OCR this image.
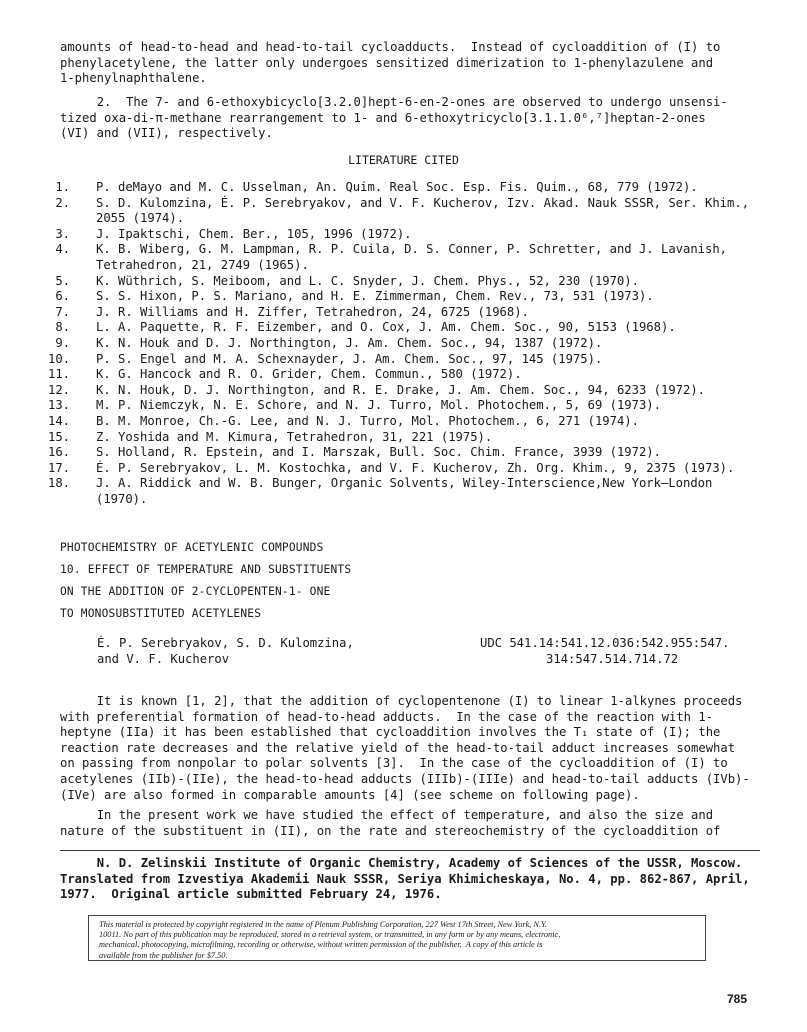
amounts of head-to-head and head-to-tail cycloadducts.  Instead of cycloaddition of (I) to
phenylacetylene, the latter only undergoes sensitized dimerization to 1-phenylazulene and
1-phenylnaphthalene.

2.  The 7- and 6-ethoxybicyclo[3.2.0]hept-6-en-2-ones are observed to undergo unsensi-
tized oxa-di-π-methane rearrangement to 1- and 6-ethoxytricyclo[3.1.1.0⁶,⁷]heptan-2-ones
(VI) and (VII), respectively.

LITERATURE CITED
1. P. deMayo and M. C. Usselman, An. Quim. Real Soc. Esp. Fis. Quim., 68, 779 (1972).
2. S. D. Kulomzina, É. P. Serebryakov, and V. F. Kucherov, Izv. Akad. Nauk SSSR, Ser. Khim.,
2055 (1974).
3. J. Ipaktschi, Chem. Ber., 105, 1996 (1972).
4. K. B. Wiberg, G. M. Lampman, R. P. Cuila, D. S. Conner, P. Schretter, and J. Lavanish,
Tetrahedron, 21, 2749 (1965).
5. K. Wüthrich, S. Meiboom, and L. C. Snyder, J. Chem. Phys., 52, 230 (1970).
6. S. S. Hixon, P. S. Mariano, and H. E. Zimmerman, Chem. Rev., 73, 531 (1973).
7. J. R. Williams and H. Ziffer, Tetrahedron, 24, 6725 (1968).
8. L. A. Paquette, R. F. Eizember, and O. Cox, J. Am. Chem. Soc., 90, 5153 (1968).
9. K. N. Houk and D. J. Northington, J. Am. Chem. Soc., 94, 1387 (1972).
10. P. S. Engel and M. A. Schexnayder, J. Am. Chem. Soc., 97, 145 (1975).
11. K. G. Hancock and R. O. Grider, Chem. Commun., 580 (1972).
12. K. N. Houk, D. J. Northington, and R. E. Drake, J. Am. Chem. Soc., 94, 6233 (1972).
13. M. P. Niemczyk, N. E. Schore, and N. J. Turro, Mol. Photochem., 5, 69 (1973).
14. B. M. Monroe, Ch.-G. Lee, and N. J. Turro, Mol. Photochem., 6, 271 (1974).
15. Z. Yoshida and M. Kimura, Tetrahedron, 31, 221 (1975).
16. S. Holland, R. Epstein, and I. Marszak, Bull. Soc. Chim. France, 3939 (1972).
17. É. P. Serebryakov, L. M. Kostochka, and V. F. Kucherov, Zh. Org. Khim., 9, 2375 (1973).
18. J. A. Riddick and W. B. Bunger, Organic Solvents, Wiley-Interscience,New York—London
(1970).
PHOTOCHEMISTRY OF ACETYLENIC COMPOUNDS
10. EFFECT OF TEMPERATURE AND SUBSTITUENTS
ON THE ADDITION OF 2-CYCLOPENTEN-1- ONE
TO MONOSUBSTITUTED ACETYLENES
É. P. Serebryakov, S. D. Kulomzina,
and V. F. Kucherov
UDC 541.14:541.12.036:542.955:547.
314:547.514.714.72

It is known [1, 2], that the addition of cyclopentenone (I) to linear 1-alkynes proceeds
with preferential formation of head-to-head adducts.  In the case of the reaction with 1-
heptyne (IIa) it has been established that cycloaddition involves the T₁ state of (I); the
reaction rate decreases and the relative yield of the head-to-tail adduct increases somewhat
on passing from nonpolar to polar solvents [3].  In the case of the cycloaddition of (I) to
acetylenes (IIb)-(IIe), the head-to-head adducts (IIIb)-(IIIe) and head-to-tail adducts (IVb)-
(IVe) are also formed in comparable amounts [4] (see scheme on following page).

In the present work we have studied the effect of temperature, and also the size and
nature of the substituent in (II), on the rate and stereochemistry of the cycloaddition of

N. D. Zelinskii Institute of Organic Chemistry, Academy of Sciences of the USSR, Moscow.
Translated from Izvestiya Akademii Nauk SSSR, Seriya Khimicheskaya, No. 4, pp. 862-867, April,
1977.  Original article submitted February 24, 1976.
This material is protected by copyright registered in the name of Plenum Publishing Corporation, 227 West 17th Street, New York, N.Y.
10011. No part of this publication may be reproduced, stored in a retrieval system, or transmitted, in any form or by any means, electronic,
mechanical, photocopying, microfilming, recording or otherwise, without written permission of the publisher.  A copy of this article is
available from the publisher for $7.50.
785
